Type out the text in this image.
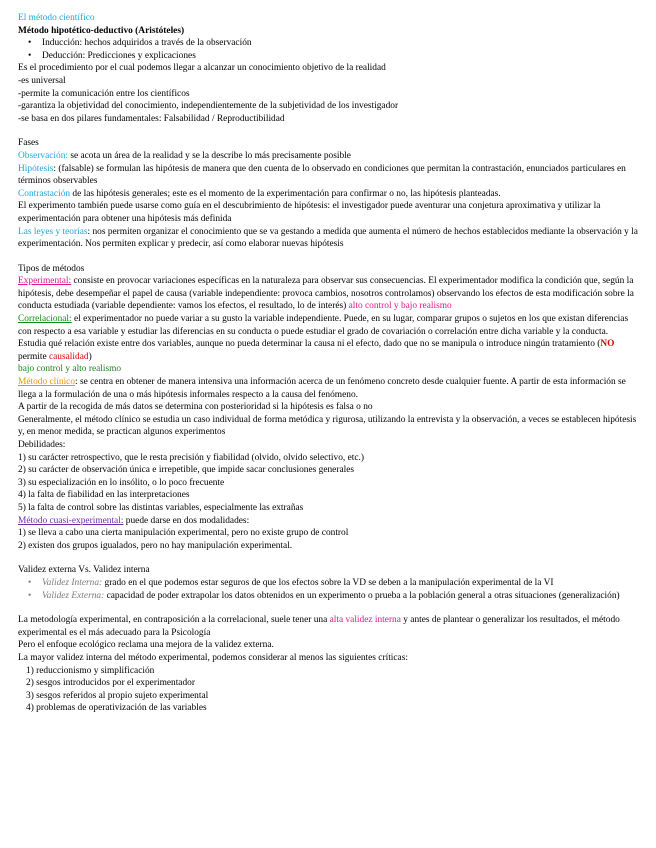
El método científico
Método hipotético-deductivo (Aristóteles)
• Inducción: hechos adquiridos a través de la observación
• Deducción: Predicciones y explicaciones
Es el procedimiento por el cual podemos llegar a alcanzar un conocimiento objetivo de la realidad
-es universal
-permite la comunicación entre los científicos
-garantiza la objetividad del conocimiento, independientemente de la subjetividad de los investigador
-se basa en dos pilares fundamentales: Falsabilidad / Reproductibilidad
Fases
Observación: se acota un área de la realidad y se la describe lo más precisamente posible
Hipótesis: (falsable) se formulan las hipótesis de manera que den cuenta de lo observado en condiciones que permitan la contrastación, enunciados particulares en términos observables
Contrastación de las hipótesis generales; este es el momento de la experimentación para confirmar o no, las hipótesis planteadas.
El experimento también puede usarse como guía en el descubrimiento de hipótesis: el investigador puede aventurar una conjetura aproximativa y utilizar la experimentación para obtener una hipótesis más definida
Las leyes y teorías: nos permiten organizar el conocimiento que se va gestando a medida que aumenta el número de hechos establecidos mediante la observación y la experimentación. Nos permiten explicar y predecir, así como elaborar nuevas hipótesis
Tipos de métodos
Experimental: consiste en provocar variaciones específicas en la naturaleza para observar sus consecuencias. El experimentador modifica la condición que, según la hipótesis, debe desempeñar el papel de causa (variable independiente: provoca cambios, nosotros controlamos) observando los efectos de esta modificación sobre la conducta estudiada (variable dependiente: vamos los efectos, el resultado, lo de interés) alto control y bajo realismo
Correlacional: el experimentador no puede variar a su gusto la variable independiente. Puede, en su lugar, comparar grupos o sujetos en los que existan diferencias con respecto a esa variable y estudiar las diferencias en su conducta o puede estudiar el grado de covariación o correlación entre dicha variable y la conducta. Estudia qué relación existe entre dos variables, aunque no pueda determinar la causa ni el efecto, dado que no se manipula o introduce ningún tratamiento (NO permite causalidad)
bajo control y alto realismo
Método clínico: se centra en obtener de manera intensiva una información acerca de un fenómeno concreto desde cualquier fuente. A partir de esta información se llega a la formulación de una o más hipótesis informales respecto a la causa del fenómeno.
A partir de la recogida de más datos se determina con posterioridad si la hipótesis es falsa o no
Generalmente, el método clínico se estudia un caso individual de forma metódica y rigurosa, utilizando la entrevista y la observación, a veces se establecen hipótesis y, en menor medida, se practican algunos experimentos
Debilidades:
1) su carácter retrospectivo, que le resta precisión y fiabilidad (olvido, olvido selectivo, etc.)
2) su carácter de observación única e irrepetible, que impide sacar conclusiones generales
3) su especialización en lo insólito, o lo poco frecuente
4) la falta de fiabilidad en las interpretaciones
5) la falta de control sobre las distintas variables, especialmente las extrañas
Método cuasi-experimental: puede darse en dos modalidades:
1) se lleva a cabo una cierta manipulación experimental, pero no existe grupo de control
2) existen dos grupos igualados, pero no hay manipulación experimental.
Validez externa Vs. Validez interna
• Validez Interna: grado en el que podemos estar seguros de que los efectos sobre la VD se deben a la manipulación experimental de la VI
• Validez Externa: capacidad de poder extrapolar los datos obtenidos en un experimento o prueba a la población general a otras situaciones (generalización)
La metodología experimental, en contraposición a la correlacional, suele tener una alta validez interna y antes de plantear o generalizar los resultados, el método experimental es el más adecuado para la Psicología
Pero el enfoque ecológico reclama una mejora de la validez externa.
La mayor validez interna del método experimental, podemos considerar al menos las siguientes críticas:
1) reduccionismo y simplificación
2) sesgos introducidos por el experimentador
3) sesgos referidos al propio sujeto experimental
4) problemas de operativización de las variables
